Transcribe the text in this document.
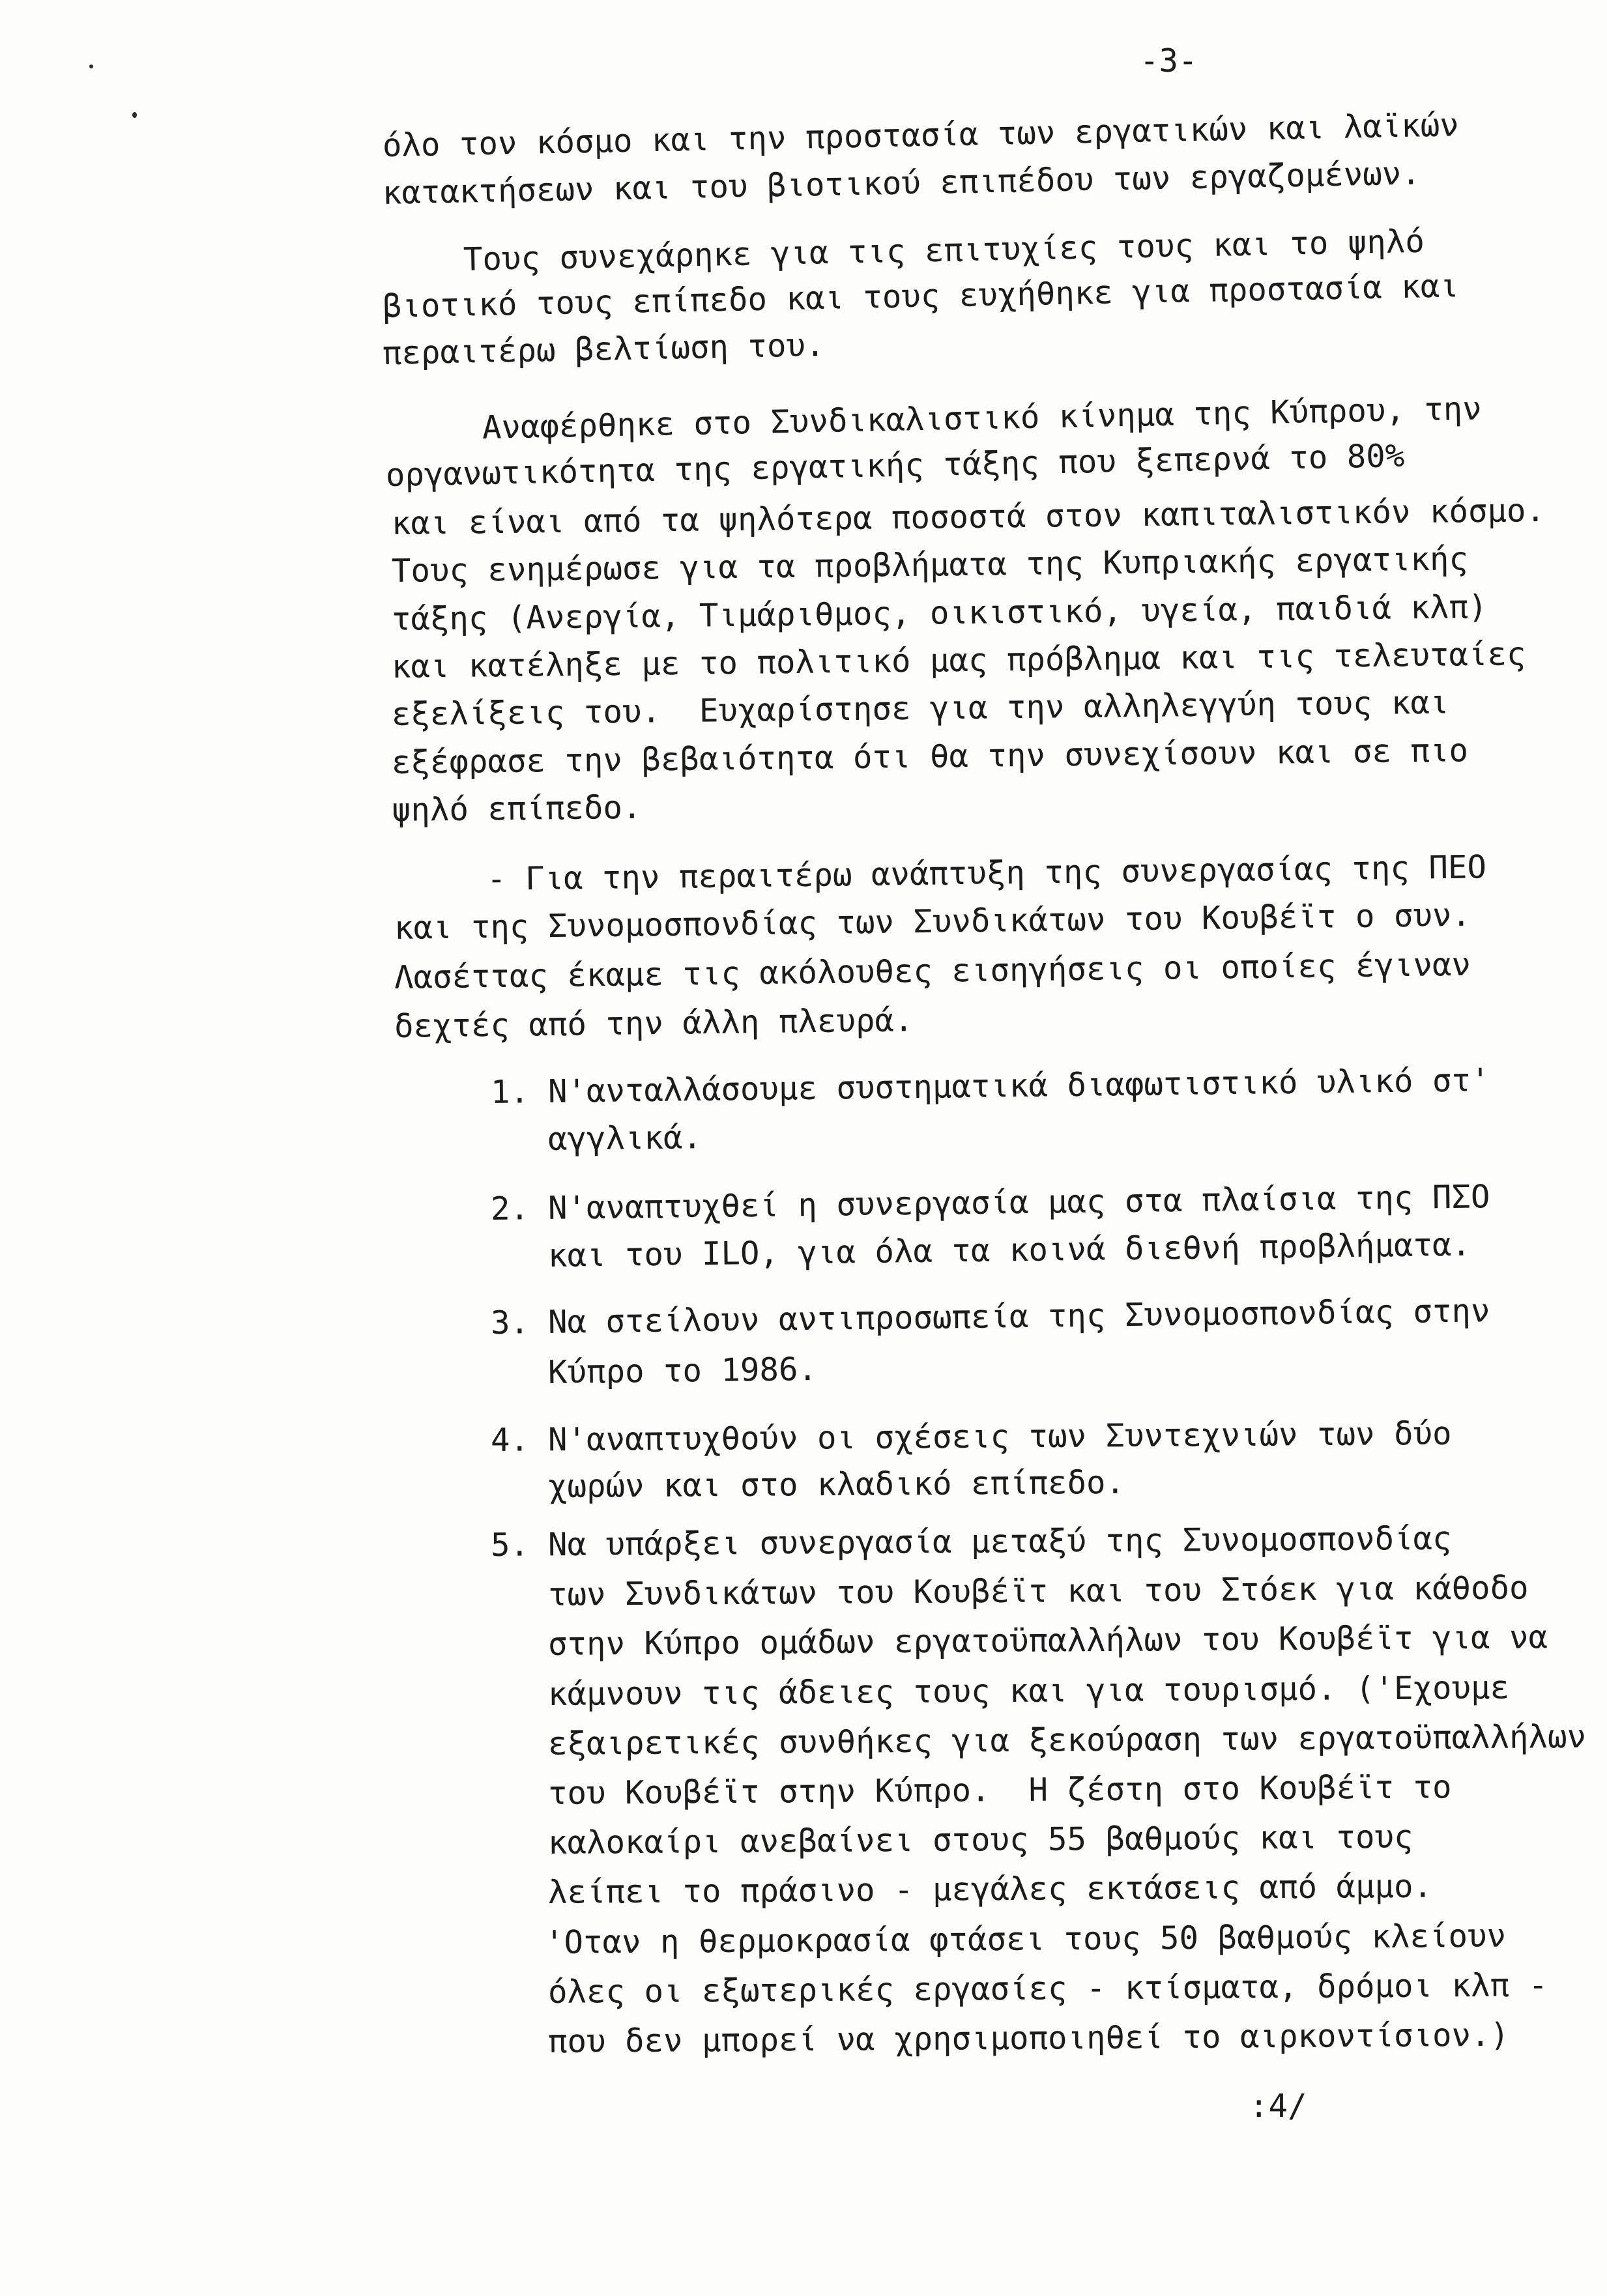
-3-
όλο τον κόσμο και την προστασία των εργατικών και λαϊκών
κατακτήσεων και του βιοτικού επιπέδου των εργαζομένων.
Τους συνεχάρηκε για τις επιτυχίες τους και το ψηλό
βιοτικό τους επίπεδο και τους ευχήθηκε για προστασία και
περαιτέρω βελτίωση του.
Αναφέρθηκε στο Συνδικαλιστικό κίνημα της Κύπρου, την
οργανωτικότητα της εργατικής τάξης που ξεπερνά το 80%
και είναι από τα ψηλότερα ποσοστά στον καπιταλιστικόν κόσμο.
Τους ενημέρωσε για τα προβλήματα της Κυπριακής εργατικής
τάξης (Ανεργία, Τιμάριθμος, οικιστικό, υγεία, παιδιά κλπ)
και κατέληξε με το πολιτικό μας πρόβλημα και τις τελευταίες
εξελίξεις του.  Ευχαρίστησε για την αλληλεγγύη τους και
εξέφρασε την βεβαιότητα ότι θα την συνεχίσουν και σε πιο
ψηλό επίπεδο.
- Για την περαιτέρω ανάπτυξη της συνεργασίας της ΠΕΟ
και της Συνομοσπονδίας των Συνδικάτων του Κουβέϊτ ο συν.
Λασέττας έκαμε τις ακόλουθες εισηγήσεις οι οποίες έγιναν
δεχτές από την άλλη πλευρά.
1. Ν'ανταλλάσουμε συστηματικά διαφωτιστικό υλικό στ'
αγγλικά.
2. Ν'αναπτυχθεί η συνεργασία μας στα πλαίσια της ΠΣΟ
και του ILO, για όλα τα κοινά διεθνή προβλήματα.
3. Να στείλουν αντιπροσωπεία της Συνομοσπονδίας στην
Κύπρο το 1986.
4. Ν'αναπτυχθούν οι σχέσεις των Συντεχνιών των δύο
χωρών και στο κλαδικό επίπεδο.
5. Να υπάρξει συνεργασία μεταξύ της Συνομοσπονδίας
των Συνδικάτων του Κουβέϊτ και του Στόεκ για κάθοδο
στην Κύπρο ομάδων εργατοϋπαλλήλων του Κουβέϊτ για να
κάμνουν τις άδειες τους και για τουρισμό. ('Εχουμε
εξαιρετικές συνθήκες για ξεκούραση των εργατοϋπαλλήλων
του Κουβέϊτ στην Κύπρο.  Η ζέστη στο Κουβέϊτ το
καλοκαίρι ανεβαίνει στους 55 βαθμούς και τους
λείπει το πράσινο - μεγάλες εκτάσεις από άμμο.
'Οταν η θερμοκρασία φτάσει τους 50 βαθμούς κλείουν
όλες οι εξωτερικές εργασίες - κτίσματα, δρόμοι κλπ -
που δεν μπορεί να χρησιμοποιηθεί το αιρκοντίσιον.)
:4/
